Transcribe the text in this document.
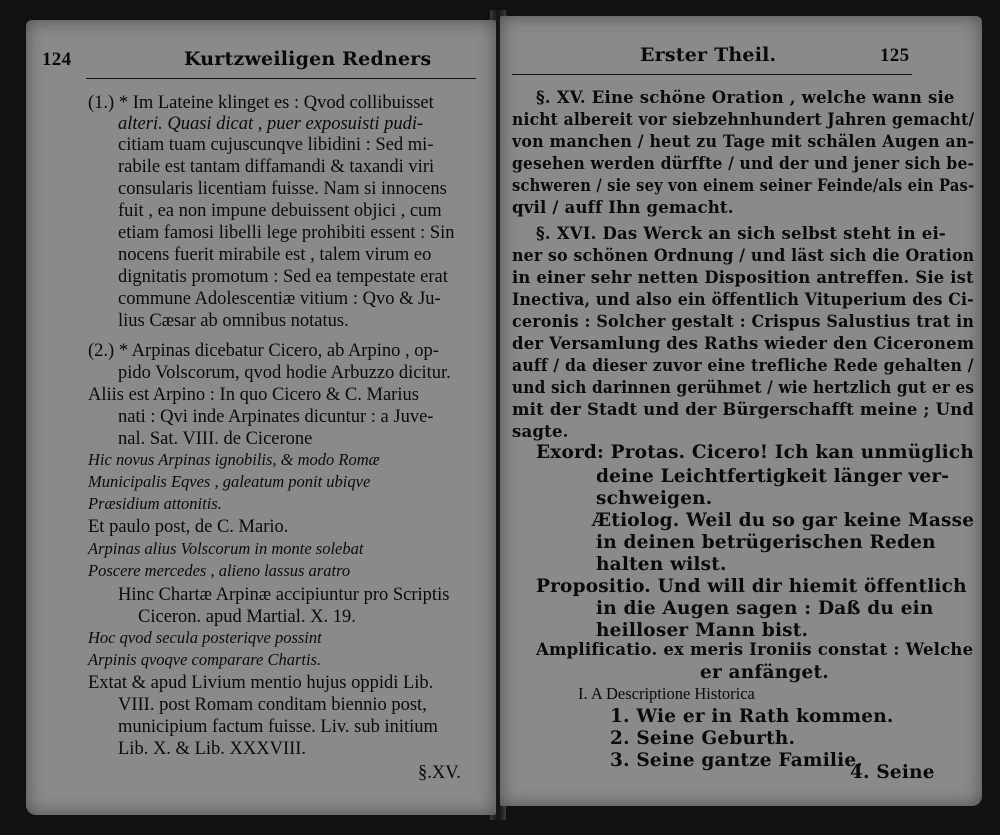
124	Kurtzweiligen Redners
(1.) * Im Lateine klinget es : Qvod collibuisset
alteri. Quasi dicat , puer exposuisti pudi-
citiam tuam cujuscunqve libidini : Sed mi-
rabile est tantam diffamandi & taxandi viri
consularis licentiam fuisse. Nam si innocens
fuit , ea non impune debuissent objici , cum
etiam famosi libelli lege prohibiti essent : Sin
nocens fuerit mirabile est , talem virum eo
dignitatis promotum : Sed ea tempestate erat
commune Adolescentiæ vitium : Qvo & Ju-
lius Cæsar ab omnibus notatus.
(2.) * Arpinas dicebatur Cicero, ab Arpino , op-
pido Volscorum, qvod hodie Arbuzzo dicitur.
Aliis est Arpino : In quo Cicero & C. Marius
nati : Qvi inde Arpinates dicuntur : a Juve-
nal. Sat. VIII. de Cicerone
Hic novus Arpinas ignobilis, & modo Romæ
Municipalis Eqves , galeatum ponit ubiqve
Præsidium attonitis.
Et paulo post, de C. Mario.
Arpinas alius Volscorum in monte solebat
Poscere mercedes , alieno lassus aratro
Hinc Chartæ Arpinæ accipiuntur pro Scriptis
Ciceron. apud Martial. X. 19.
Hoc qvod secula posteriqve possint
Arpinis qvoqve comparare Chartis.
Extat & apud Livium mentio hujus oppidi Lib.
VIII. post Romam conditam biennio post,
municipium factum fuisse. Liv. sub initium
Lib. X. & Lib. XXXVIII.
§.XV.
Erster Theil.	125
§. XV. Eine schöne Oration , welche wann sie
nicht albereit vor siebzehnhundert Jahren gemacht/
von manchen / heut zu Tage mit schälen Augen an-
gesehen werden dürffte / und der und jener sich be-
schweren / sie sey von einem seiner Feinde/als ein Pas-
qvil / auff Ihn gemacht.
§. XVI. Das Werck an sich selbst steht in ei-
ner so schönen Ordnung / und läst sich die Oration
in einer sehr netten Disposition antreffen. Sie ist
Inectiva, und also ein öffentlich Vituperium des Ci-
ceronis : Solcher gestalt : Crispus Salustius trat in
der Versamlung des Raths wieder den Ciceronem
auff / da dieser zuvor eine trefliche Rede gehalten /
und sich darinnen gerühmet / wie hertzlich gut er es
mit der Stadt und der Bürgerschafft meine ; Und
sagte.
Exord: Protas. Cicero! Ich kan unmüglich
deine Leichtfertigkeit länger ver-
schweigen.
Ætiolog. Weil du so gar keine Masse
in deinen betrügerischen Reden
halten wilst.
Propositio. Und will dir hiemit öffentlich
in die Augen sagen : Daß du ein
heilloser Mann bist.
Amplificatio. ex meris Ironiis constat : Welche
er anfänget.
I. A Descriptione Historica
1. Wie er in Rath kommen.
2. Seine Geburth.
3. Seine gantze Familie,
4. Seine
